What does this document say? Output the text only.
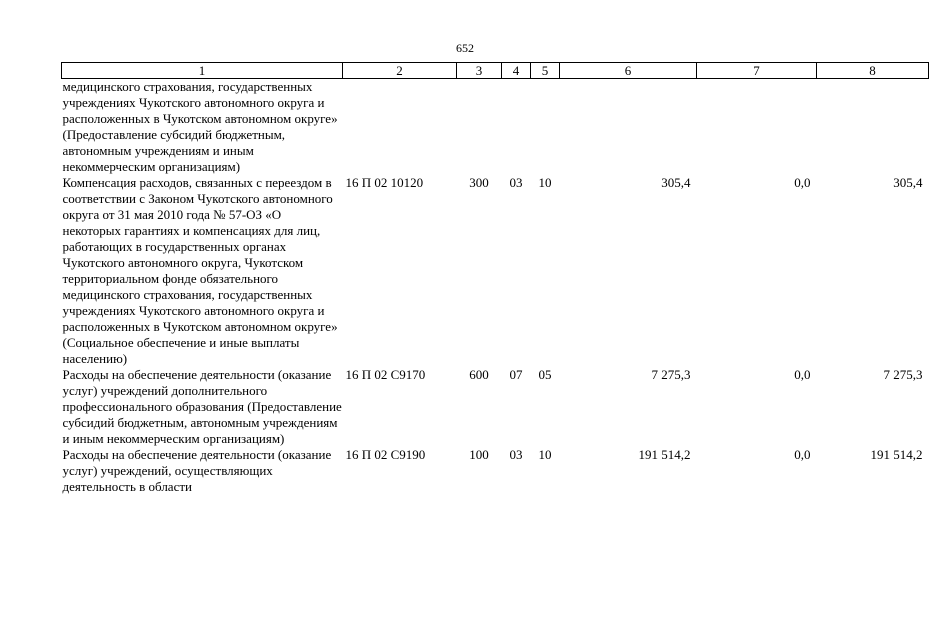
652
1	2	3	4	5	6	7	8
медицинского страхования, государственных учреждениях Чукотского автономного округа и расположенных в Чукотском автономном округе» (Предоставление субсидий бюджетным, автономным учреждениям и иным некоммерческим организациям)							
Компенсация расходов, связанных с переездом в соответствии с Законом Чукотского автономного округа от 31 мая 2010 года № 57-ОЗ «О некоторых гарантиях и компенсациях для лиц, работающих в государственных органах Чукотского автономного округа, Чукотском территориальном фонде обязательного медицинского страхования, государственных учреждениях Чукотского автономного округа и расположенных в Чукотском автономном округе» (Социальное обеспечение и иные выплаты населению)	16 П 02 10120	300	03	10	305,4	0,0	305,4
Расходы на обеспечение деятельности (оказание услуг) учреждений дополнительного профессионального образования (Предоставление субсидий бюджетным, автономным учреждениям и иным некоммерческим организациям)	16 П 02 С9170	600	07	05	7 275,3	0,0	7 275,3
Расходы на обеспечение деятельности (оказание услуг) учреждений, осуществляющих деятельность в области	16 П 02 С9190	100	03	10	191 514,2	0,0	191 514,2
